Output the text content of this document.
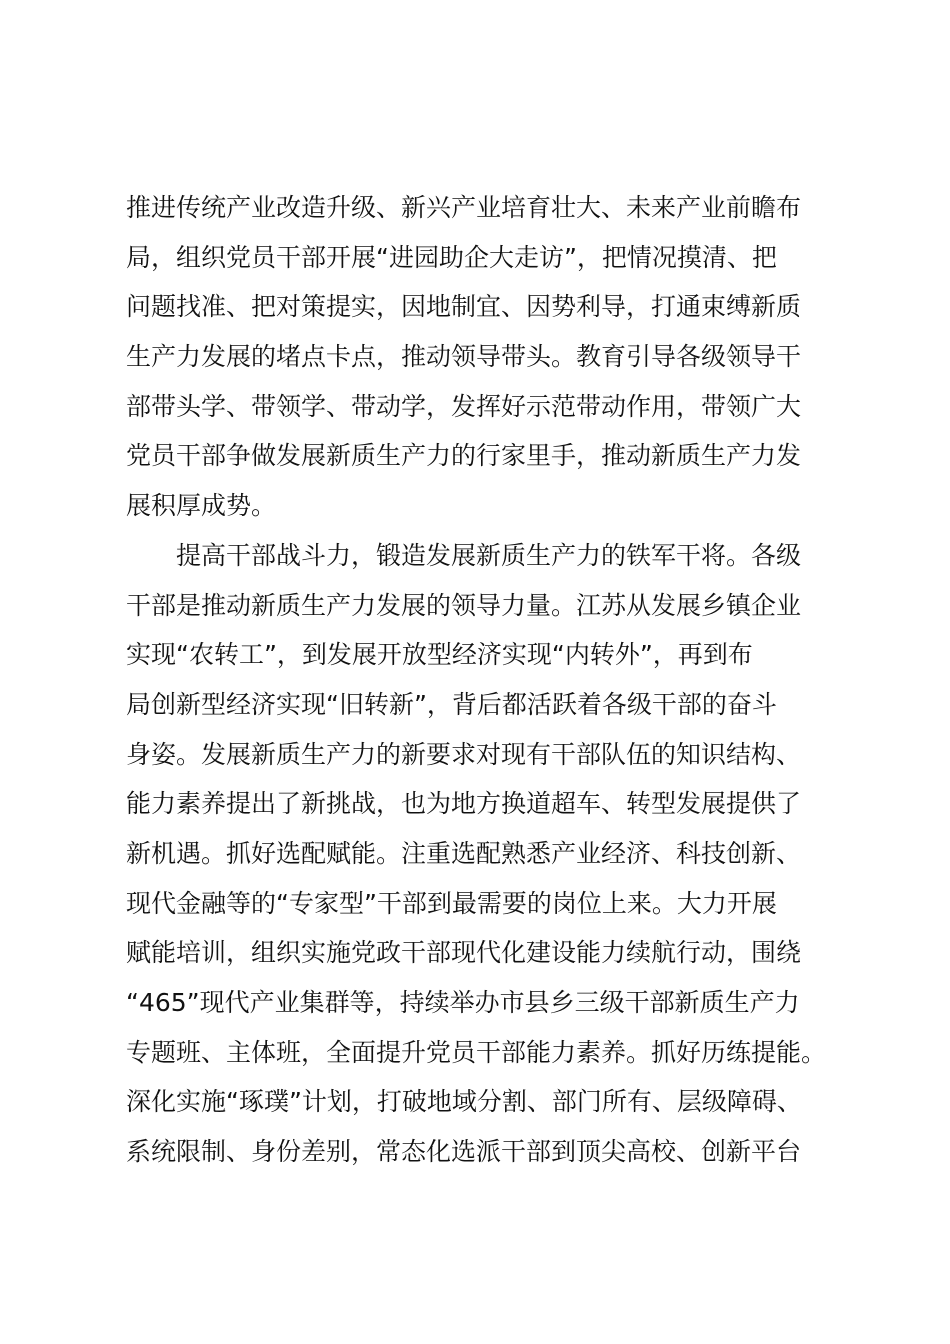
推进传统产业改造升级、新兴产业培育壮大、未来产业前瞻布
局，组织党员干部开展“进园助企大走访”，把情况摸清、把
问题找准、把对策提实，因地制宜、因势利导，打通束缚新质
生产力发展的堵点卡点，推动领导带头。教育引导各级领导干
部带头学、带领学、带动学，发挥好示范带动作用，带领广大
党员干部争做发展新质生产力的行家里手，推动新质生产力发
展积厚成势。
提高干部战斗力，锻造发展新质生产力的铁军干将。各级
干部是推动新质生产力发展的领导力量。江苏从发展乡镇企业
实现“农转工”，到发展开放型经济实现“内转外”，再到布
局创新型经济实现“旧转新”，背后都活跃着各级干部的奋斗
身姿。发展新质生产力的新要求对现有干部队伍的知识结构、
能力素养提出了新挑战，也为地方换道超车、转型发展提供了
新机遇。抓好选配赋能。注重选配熟悉产业经济、科技创新、
现代金融等的“专家型”干部到最需要的岗位上来。大力开展
赋能培训，组织实施党政干部现代化建设能力续航行动，围绕
“465”现代产业集群等，持续举办市县乡三级干部新质生产力
专题班、主体班，全面提升党员干部能力素养。抓好历练提能。
深化实施“琢璞”计划，打破地域分割、部门所有、层级障碍、
系统限制、身份差别，常态化选派干部到顶尖高校、创新平台
